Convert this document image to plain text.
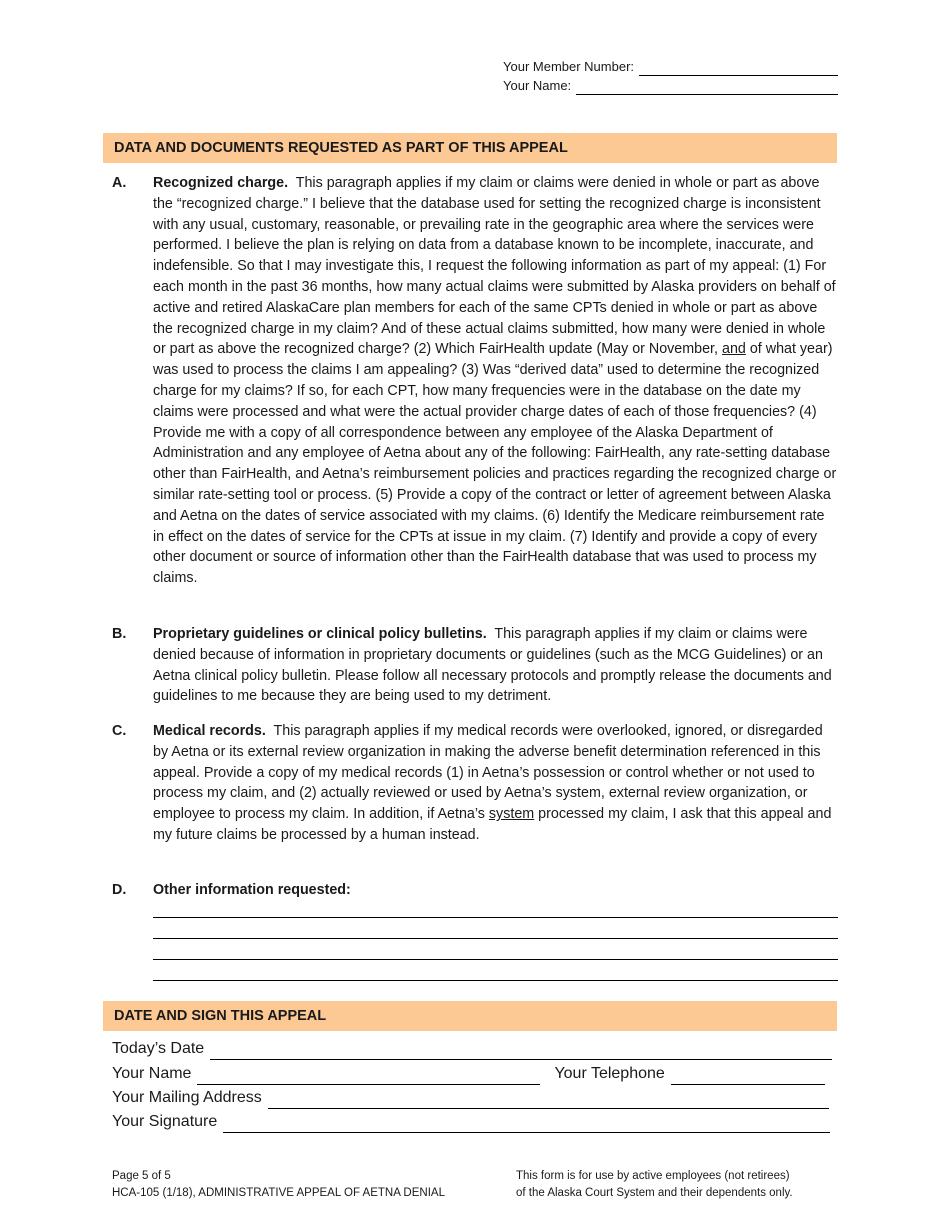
Your Member Number:
Your Name:
DATA AND DOCUMENTS REQUESTED AS PART OF THIS APPEAL
A. Recognized charge. This paragraph applies if my claim or claims were denied in whole or part as above the “recognized charge.” I believe that the database used for setting the recognized charge is inconsistent with any usual, customary, reasonable, or prevailing rate in the geographic area where the services were performed. I believe the plan is relying on data from a database known to be incomplete, inaccurate, and indefensible. So that I may investigate this, I request the following information as part of my appeal: (1) For each month in the past 36 months, how many actual claims were submitted by Alaska providers on behalf of active and retired AlaskaCare plan members for each of the same CPTs denied in whole or part as above the recognized charge in my claim? And of these actual claims submitted, how many were denied in whole or part as above the recognized charge? (2) Which FairHealth update (May or November, and of what year) was used to process the claims I am appealing? (3) Was “derived data” used to determine the recognized charge for my claims? If so, for each CPT, how many frequencies were in the database on the date my claims were processed and what were the actual provider charge dates of each of those frequencies? (4) Provide me with a copy of all correspondence between any employee of the Alaska Department of Administration and any employee of Aetna about any of the following: FairHealth, any rate-setting database other than FairHealth, and Aetna’s reimbursement policies and practices regarding the recognized charge or similar rate-setting tool or process. (5) Provide a copy of the contract or letter of agreement between Alaska and Aetna on the dates of service associated with my claims. (6) Identify the Medicare reimbursement rate in effect on the dates of service for the CPTs at issue in my claim. (7) Identify and provide a copy of every other document or source of information other than the FairHealth database that was used to process my claims.
B. Proprietary guidelines or clinical policy bulletins. This paragraph applies if my claim or claims were denied because of information in proprietary documents or guidelines (such as the MCG Guidelines) or an Aetna clinical policy bulletin. Please follow all necessary protocols and promptly release the documents and guidelines to me because they are being used to my detriment.
C. Medical records. This paragraph applies if my medical records were overlooked, ignored, or disregarded by Aetna or its external review organization in making the adverse benefit determination referenced in this appeal. Provide a copy of my medical records (1) in Aetna’s possession or control whether or not used to process my claim, and (2) actually reviewed or used by Aetna’s system, external review organization, or employee to process my claim. In addition, if Aetna’s system processed my claim, I ask that this appeal and my future claims be processed by a human instead.
D. Other information requested:
DATE AND SIGN THIS APPEAL
Today’s Date
Your Name	Your Telephone
Your Mailing Address
Your Signature
Page 5 of 5
HCA-105 (1/18), ADMINISTRATIVE APPEAL OF AETNA DENIAL
This form is for use by active employees (not retirees)
of the Alaska Court System and their dependents only.
